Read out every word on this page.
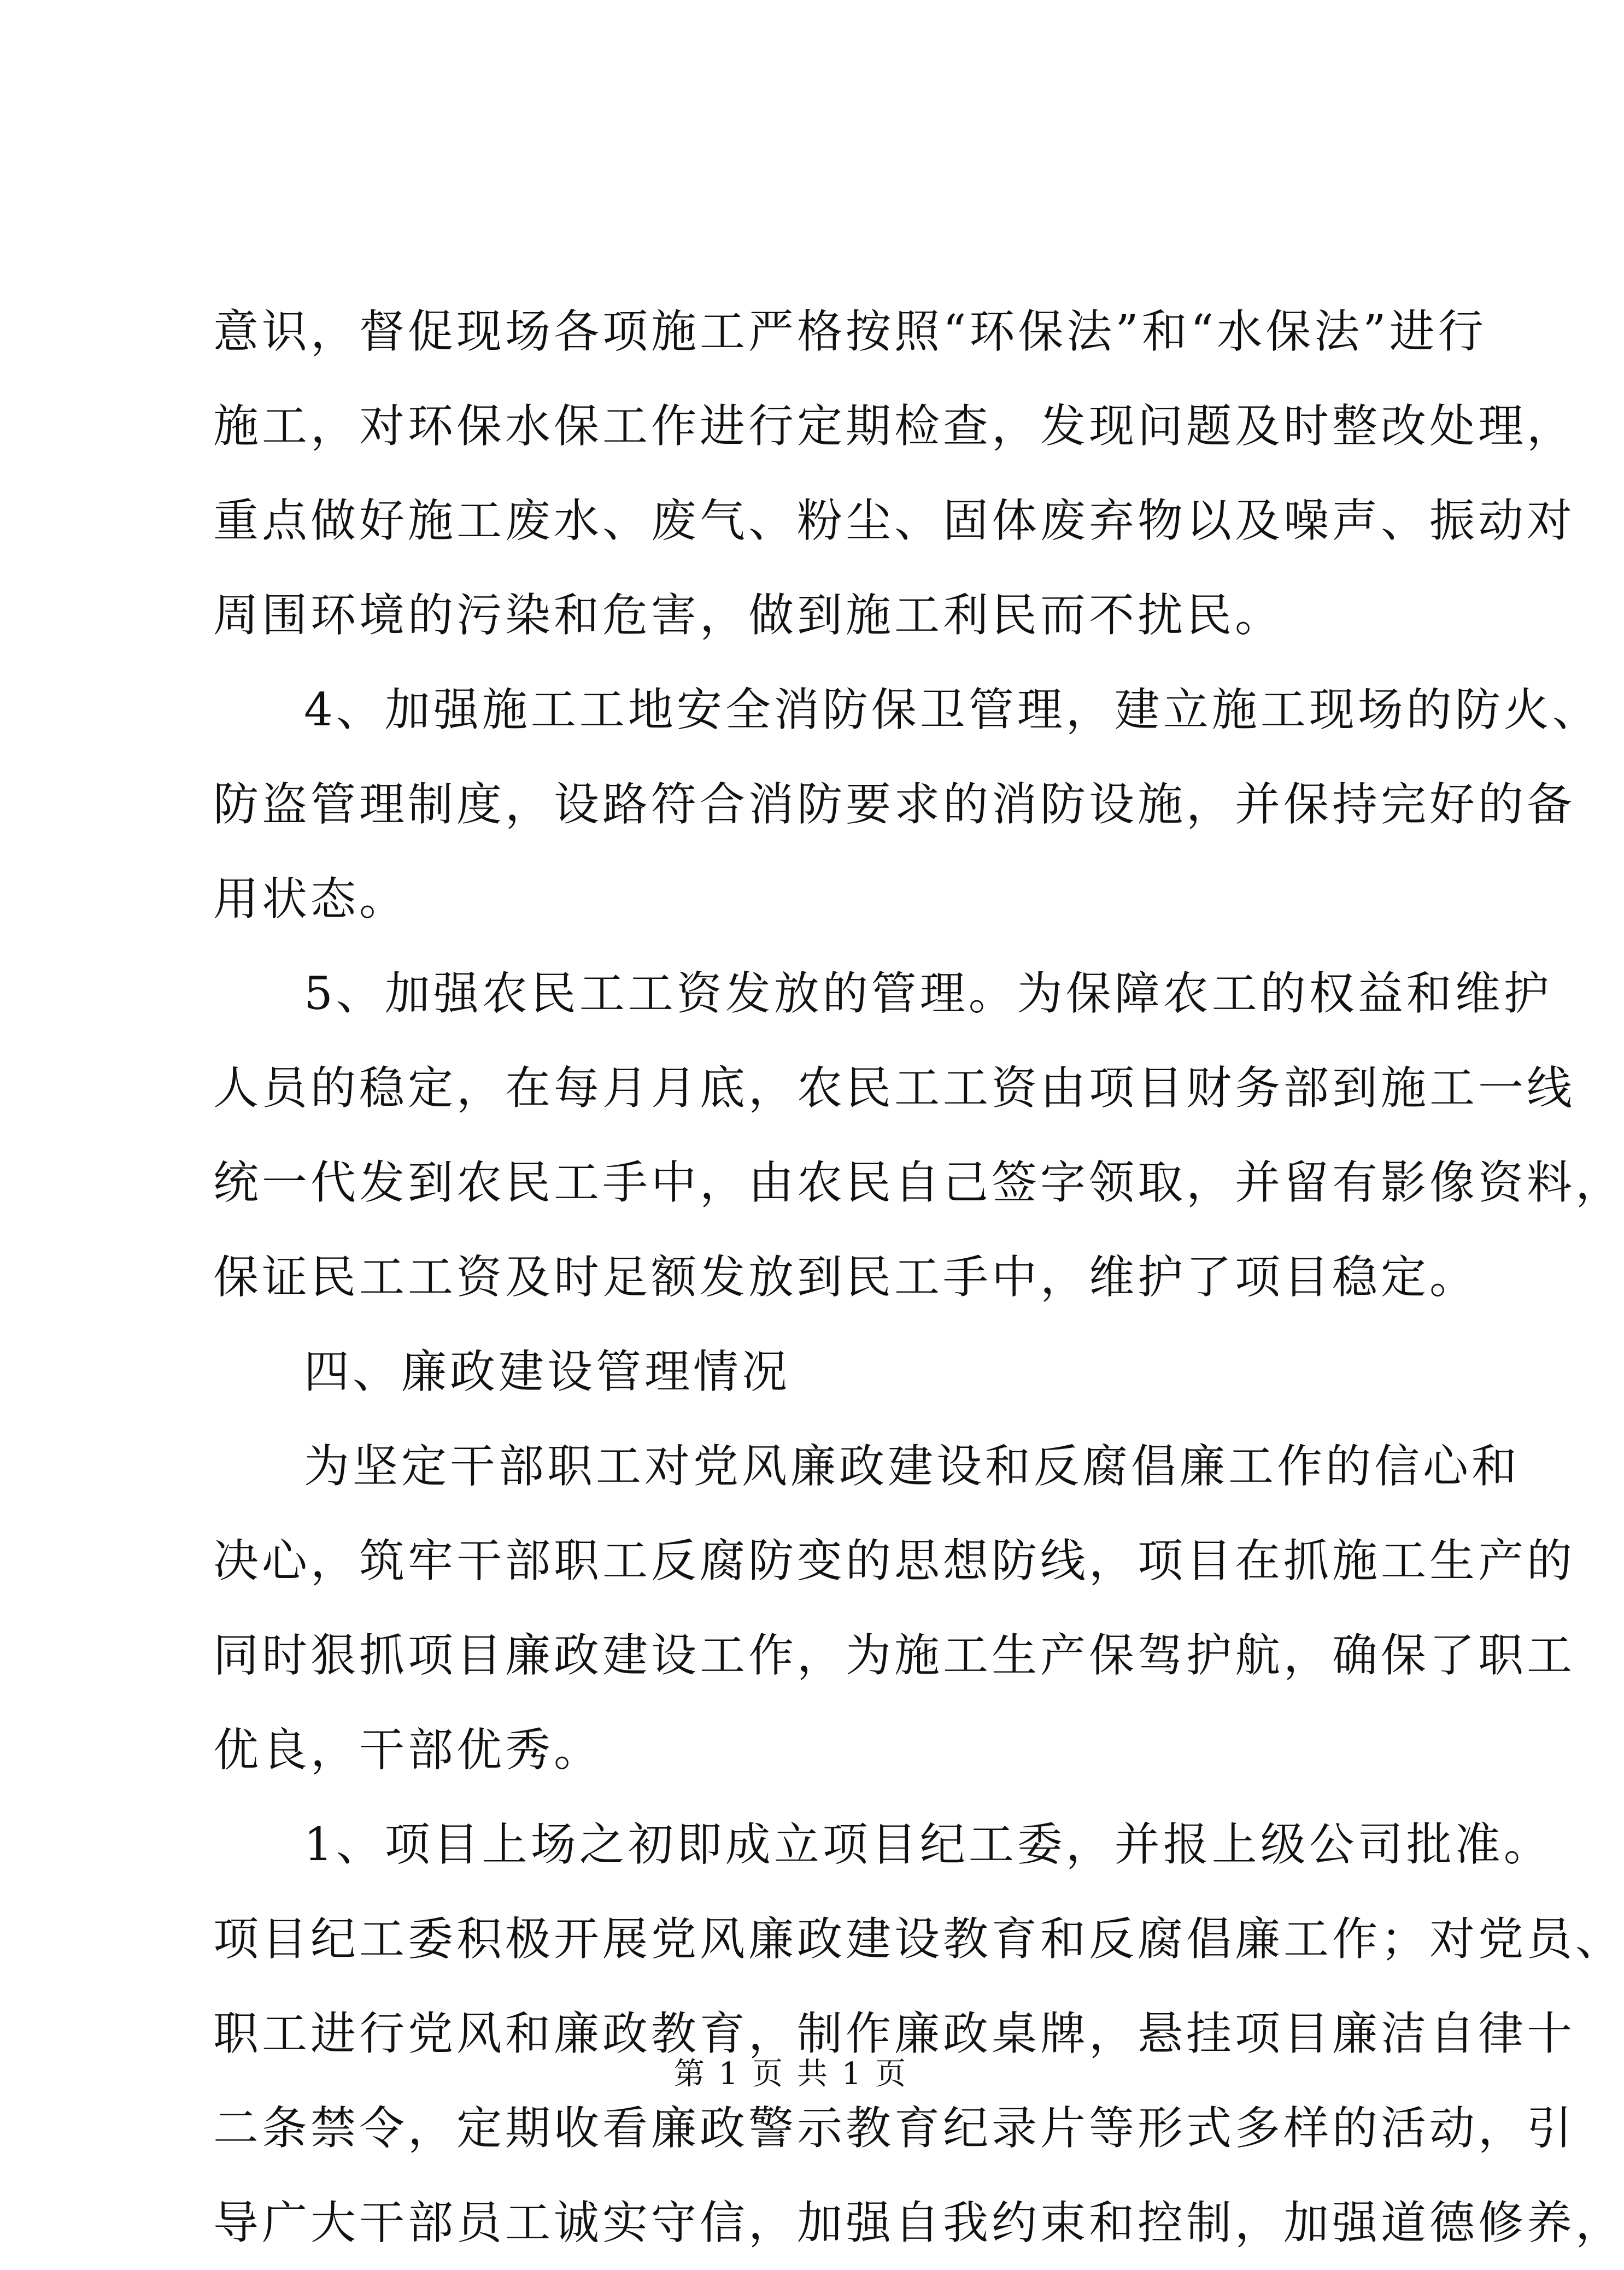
意识，督促现场各项施工严格按照“环保法”和“水保法”进行
施工，对环保水保工作进行定期检查，发现问题及时整改处理，
重点做好施工废水、废气、粉尘、固体废弃物以及噪声、振动对
周围环境的污染和危害，做到施工利民而不扰民。
4、加强施工工地安全消防保卫管理，建立施工现场的防火、
防盗管理制度，设路符合消防要求的消防设施，并保持完好的备
用状态。
5、加强农民工工资发放的管理。为保障农工的权益和维护
人员的稳定，在每月月底，农民工工资由项目财务部到施工一线
统一代发到农民工手中，由农民自己签字领取，并留有影像资料，
保证民工工资及时足额发放到民工手中，维护了项目稳定。
四、廉政建设管理情况
为坚定干部职工对党风廉政建设和反腐倡廉工作的信心和
决心，筑牢干部职工反腐防变的思想防线，项目在抓施工生产的
同时狠抓项目廉政建设工作，为施工生产保驾护航，确保了职工
优良，干部优秀。
1、项目上场之初即成立项目纪工委，并报上级公司批准。
项目纪工委积极开展党风廉政建设教育和反腐倡廉工作；对党员、
职工进行党风和廉政教育，制作廉政桌牌，悬挂项目廉洁自律十
二条禁令，定期收看廉政警示教育纪录片等形式多样的活动，引
导广大干部员工诚实守信，加强自我约束和控制，加强道德修养，
第 1 页 共 1 页
